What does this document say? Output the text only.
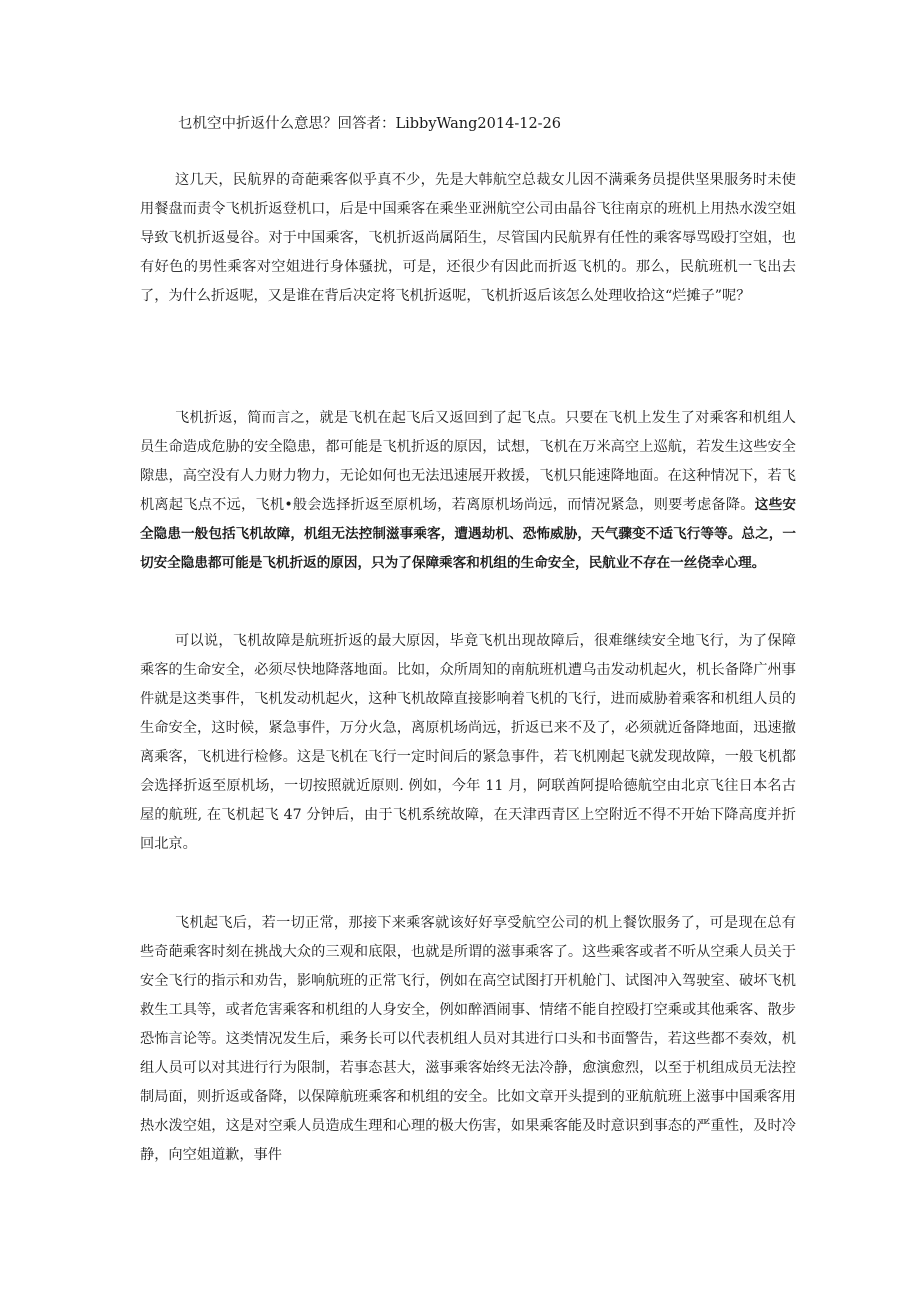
乜机空中折返什么意思？回答者：LibbyWang2014-12-26

这几天，民航界的奇葩乘客似乎真不少，先是大韩航空总裁女儿因不满乘务员提供坚果服务时未使用餐盘而责令飞机折返登机口，后是中国乘客在乘坐亚洲航空公司由晶谷飞往南京的班机上用热水泼空姐导致飞机折返曼谷。对于中国乘客，飞机折返尚属陌生，尽管国内民航界有任性的乘客辱骂殴打空姐，也有好色的男性乘客对空姐进行身体骚扰，可是，还很少有因此而折返飞机的。那么，民航班机一飞出去了，为什么折返呢，又是谁在背后决定将飞机折返呢，飞机折返后该怎么处理收拾这“烂摊子”呢？

飞机折返，简而言之，就是飞机在起飞后又返回到了起飞点。只要在飞机上发生了对乘客和机组人员生命造成危胁的安全隐患，都可能是飞机折返的原因，试想，飞机在万米高空上巡航，若发生这些安全隙患，高空没有人力财力物力，无论如何也无法迅速展开救援，飞机只能速降地面。在这种情况下，若飞机离起飞点不远，飞机•般会选择折返至原机场，若离原机场尚远，而情况紧急，则要考虑备降。这些安全隐患一般包括飞机故障，机组无法控制滋事乘客，遭遇劫机、恐怖威胁，天气骤变不适飞行等等。总之，一切安全隐患都可能是飞机折返的原因，只为了保障乘客和机组的生命安全，民航业不存在一丝侥幸心理。

可以说，飞机故障是航班折返的最大原因，毕竟飞机出现故障后，很难继续安全地飞行，为了保障乘客的生命安全，必须尽快地降落地面。比如，众所周知的南航班机遭乌击发动机起火，机长备降广州事件就是这类事件，飞机发动机起火，这种飞机故障直接影响着飞机的飞行，进而威胁着乘客和机组人员的生命安全，这时候，紧急事件，万分火急，离原机场尚远，折返已来不及了，必须就近备降地面，迅速撤离乘客，飞机进行检修。这是飞机在飞行一定时间后的紧急事件，若飞机刚起飞就发现故障，一般飞机都会选择折返至原机场，一切按照就近原则. 例如，今年 11 月，阿联酋阿提哈德航空由北京飞往日本名古屋的航班, 在飞机起飞 47 分钟后，由于飞机系统故障，在天津西青区上空附近不得不开始下降高度并折回北京。

飞机起飞后，若一切正常，那接下来乘客就该好好享受航空公司的机上餐饮服务了，可是现在总有些奇葩乘客时刻在挑战大众的三观和底限，也就是所谓的滋事乘客了。这些乘客或者不听从空乘人员关于安全飞行的指示和劝告，影响航班的正常飞行，例如在高空试图打开机舱门、试图冲入驾驶室、破坏飞机救生工具等，或者危害乘客和机组的人身安全，例如醉酒闹事、情绪不能自控殴打空乘或其他乘客、散步恐怖言论等。这类情况发生后，乘务长可以代表机组人员对其进行口头和书面警告，若这些都不奏效，机组人员可以对其进行行为限制，若事态甚大，滋事乘客始终无法冷静，愈演愈烈，以至于机组成员无法控制局面，则折返或备降，以保障航班乘客和机组的安全。比如文章开头提到的亚航航班上滋事中国乘客用热水泼空姐，这是对空乘人员造成生理和心理的极大伤害，如果乘客能及时意识到事态的严重性，及时冷静，向空姐道歉，事件
